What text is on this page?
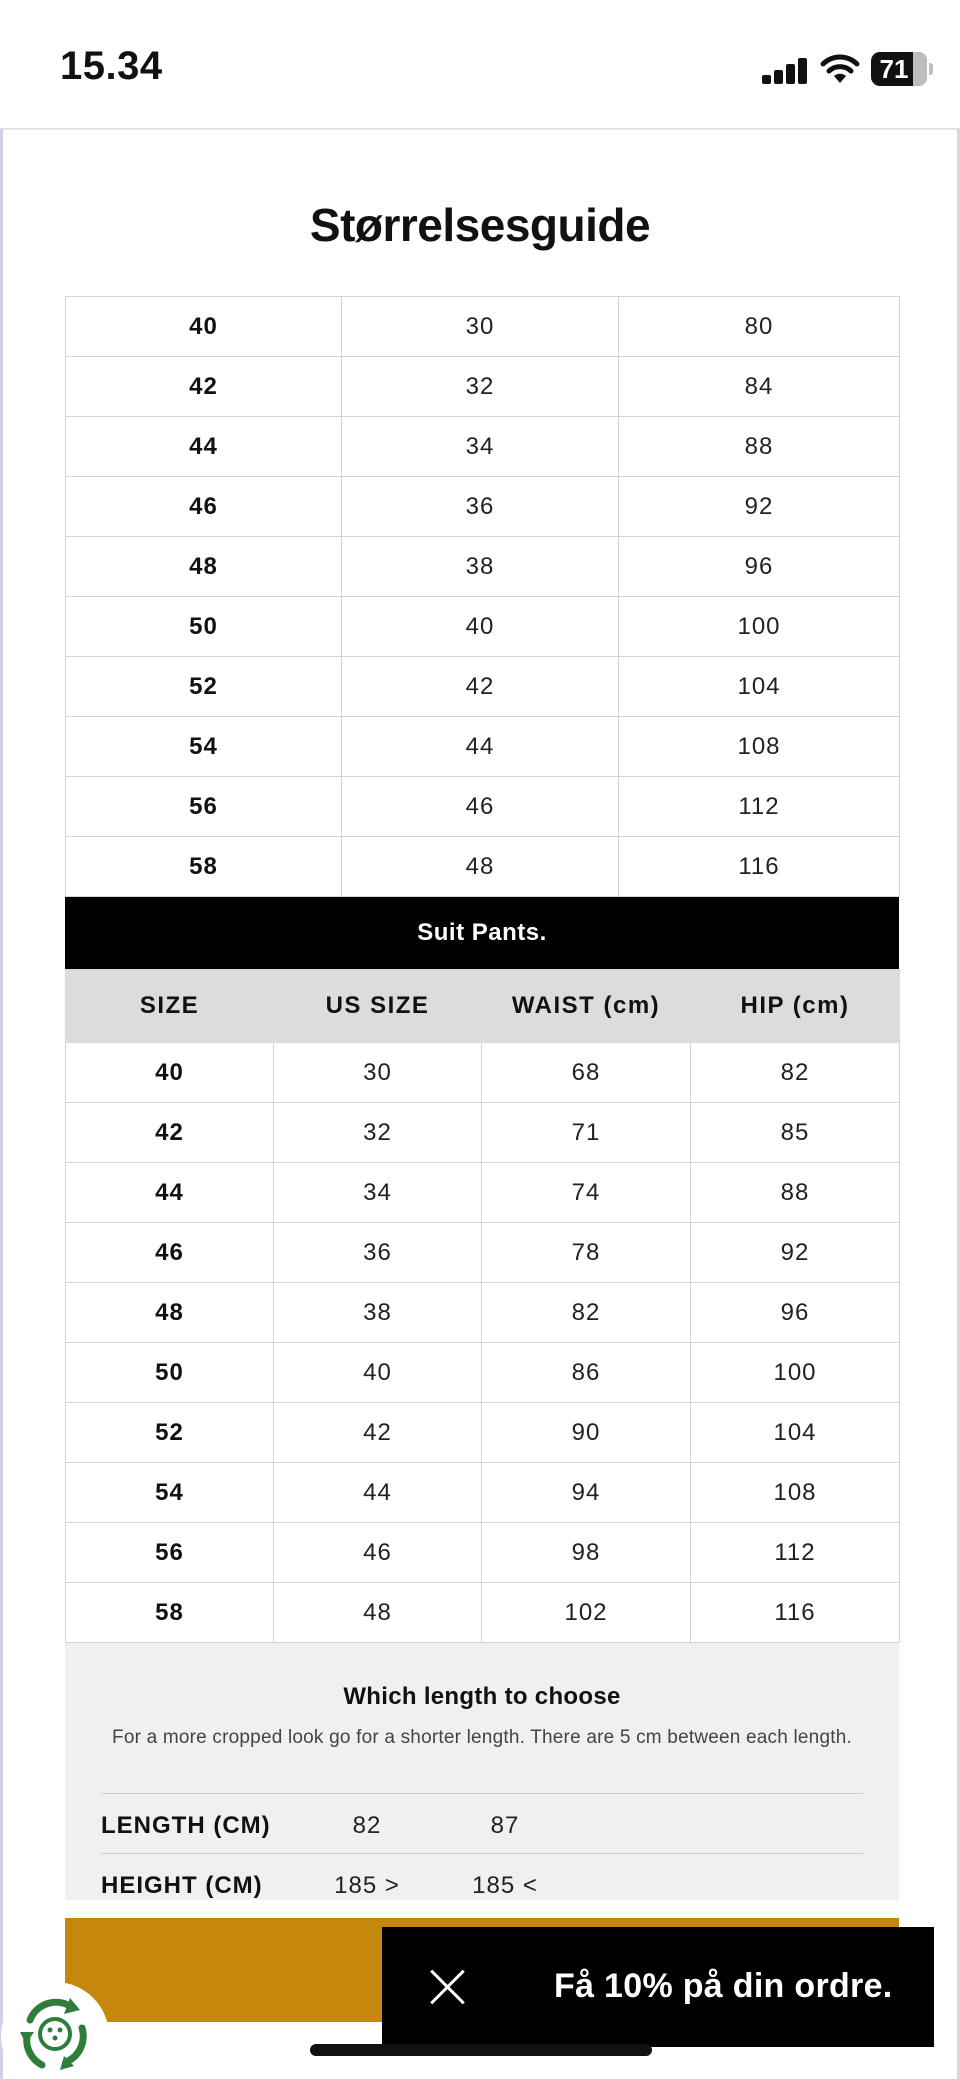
15.34	71
Størrelsesguide
40	30	80
42	32	84
44	34	88
46	36	92
48	38	96
50	40	100
52	42	104
54	44	108
56	46	112
58	48	116
Suit Pants.
SIZE	US SIZE	WAIST (cm)	HIP (cm)
40	30	68	82
42	32	71	85
44	34	74	88
46	36	78	92
48	38	82	96
50	40	86	100
52	42	90	104
54	44	94	108
56	46	98	112
58	48	102	116
Which length to choose
For a more cropped look go for a shorter length. There are 5 cm between each length.
LENGTH (CM)	82	87
HEIGHT (CM)	185 >	185 <
Få 10% på din ordre.
